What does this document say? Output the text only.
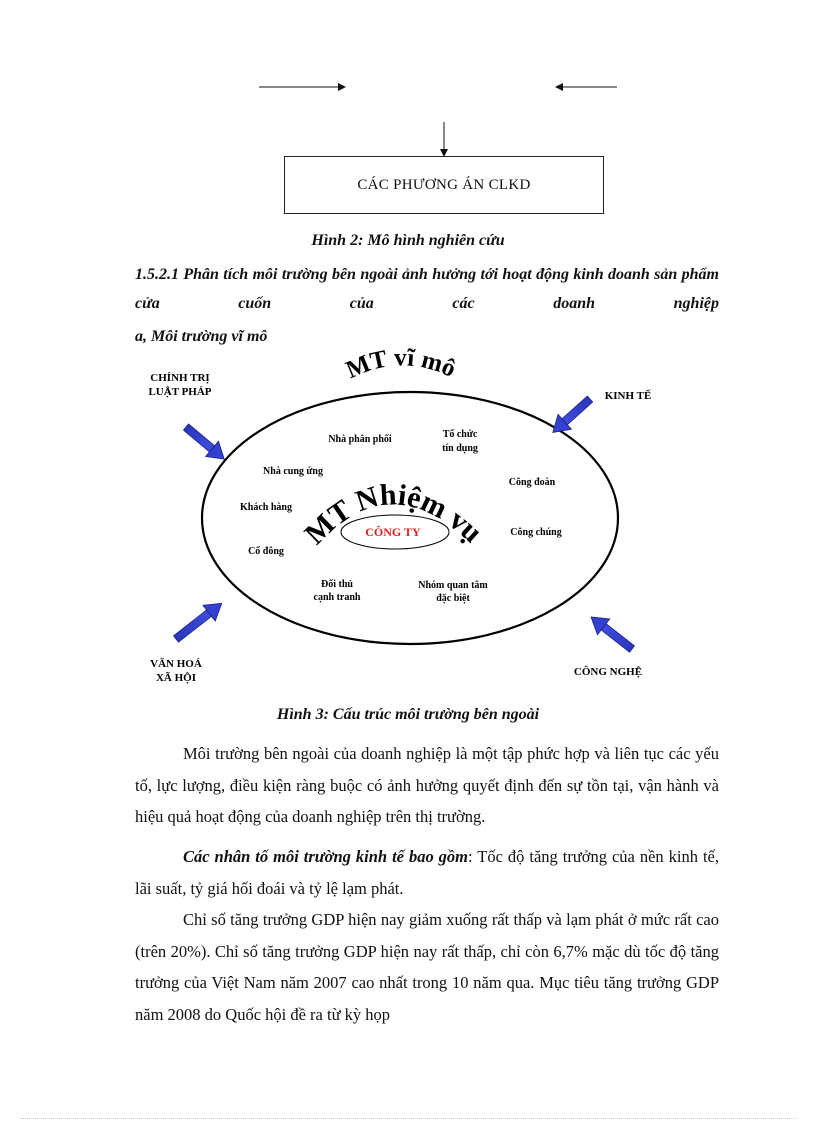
CÁC PHƯƠNG ÁN CLKD
Hình 2: Mô hình nghiên cứu
1.5.2.1 Phân tích môi trường bên ngoài ảnh hưởng tới hoạt động kinh doanh sản phẩm cửa cuốn của các doanh nghiệp
a, Môi trường vĩ mô
MT vĩ mô
MT Nhiệm vụ
CÔNG TY
Nhà phân phối	Tổ chức
tín dụng
Nhà cung ứng
Công đoàn
Khách hàng
Công chúng
Cổ đông
Đối thủ
cạnh tranh
Nhóm quan tâm
đặc biệt
CHÍNH TRỊ
LUẬT PHÁP	KINH TẾ
VĂN HOÁ
XÃ HỘI	CÔNG NGHỆ
Hình 3: Cấu trúc môi trường bên ngoài
Môi trường bên ngoài của doanh nghiệp là một tập phức hợp và liên tục các yếu tố, lực lượng, điều kiện ràng buộc có ảnh hưởng quyết định đến sự tồn tại, vận hành và hiệu quả hoạt động của doanh nghiệp trên thị trường.
Các nhân tố môi trường kinh tế bao gồm: Tốc độ tăng trưởng của nền kinh tế, lãi suất, tỷ giá hối đoái và tỷ lệ lạm phát.
Chỉ số tăng trưởng GDP hiện nay giảm xuống rất thấp và lạm phát ở mức rất cao (trên 20%). Chỉ số tăng trưởng GDP hiện nay rất thấp, chỉ còn 6,7% mặc dù tốc độ tăng trưởng của Việt Nam năm 2007 cao nhất trong 10 năm qua. Mục tiêu tăng trưởng GDP năm 2008 do Quốc hội đề ra từ kỳ họp
